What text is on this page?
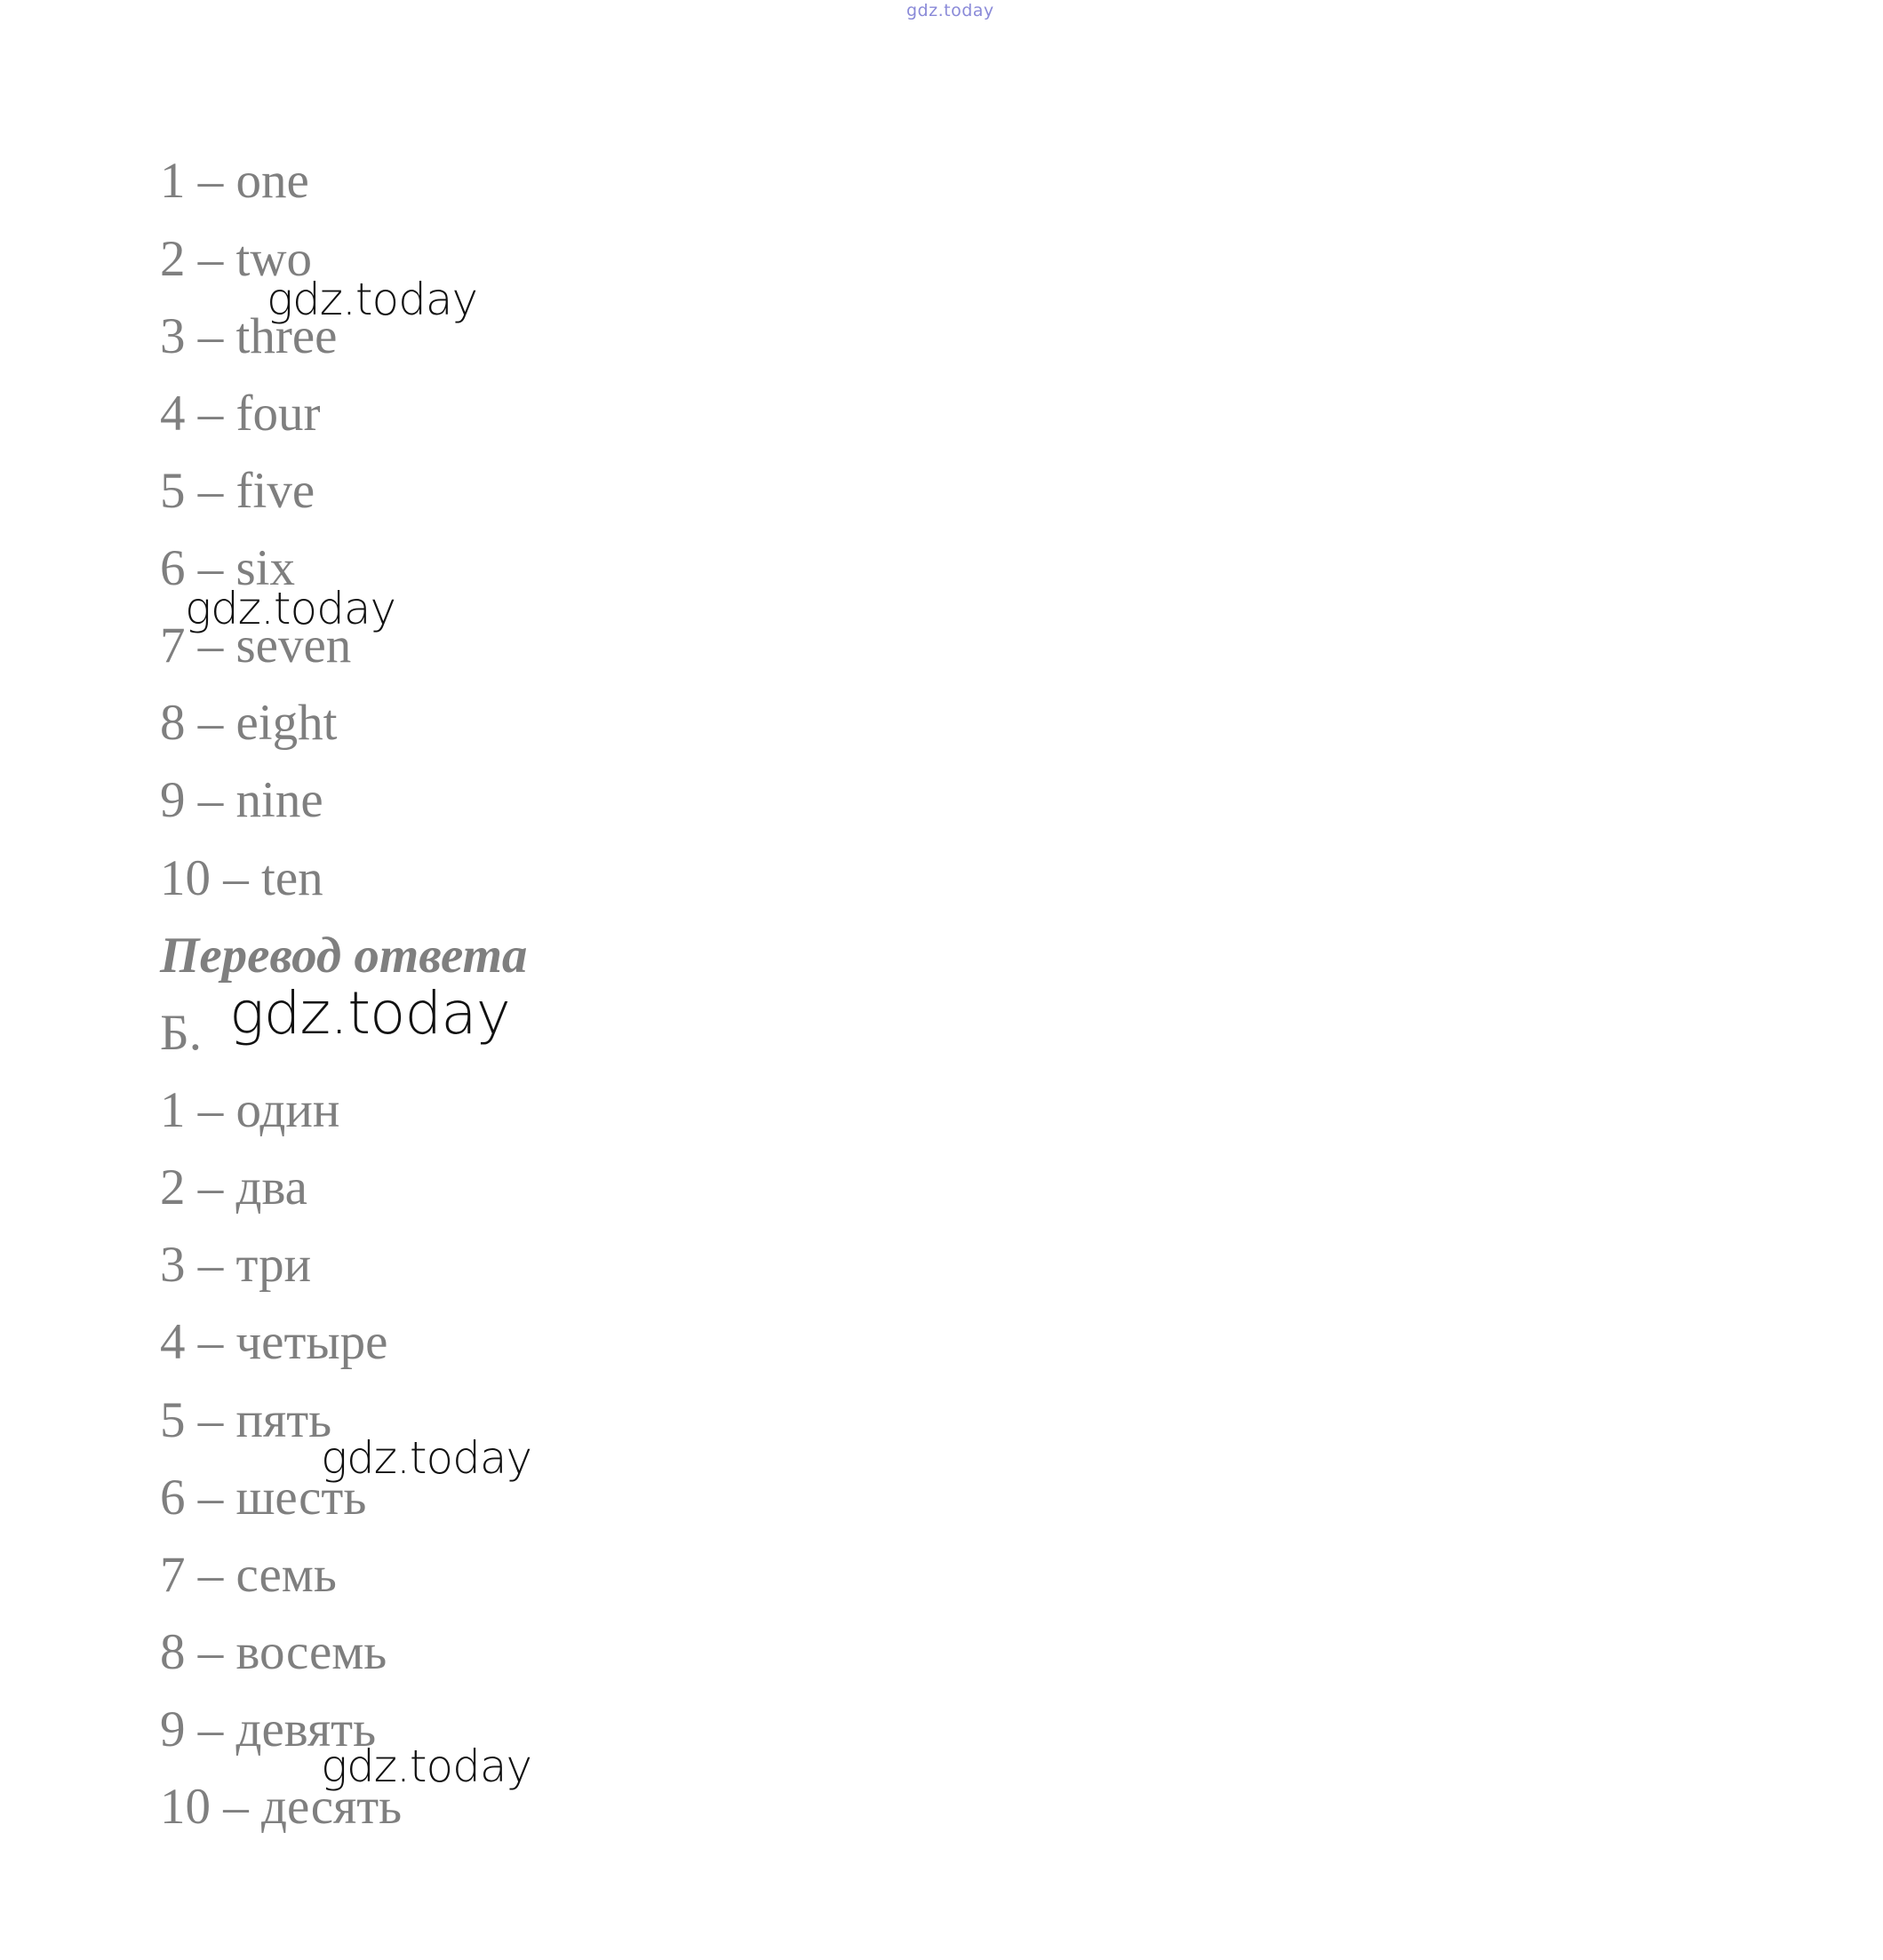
gdz.today
1 – one
2 – two
3 – three
4 – four
5 – five
6 – six
7 – seven
8 – eight
9 – nine
10 – ten
Перевод ответа
Б.
1 – один
2 – два
3 – три
4 – четыре
5 – пять
6 – шесть
7 – семь
8 – восемь
9 – девять
10 – десять
gdz.today
gdz.today
gdz.today
gdz.today
gdz.today
